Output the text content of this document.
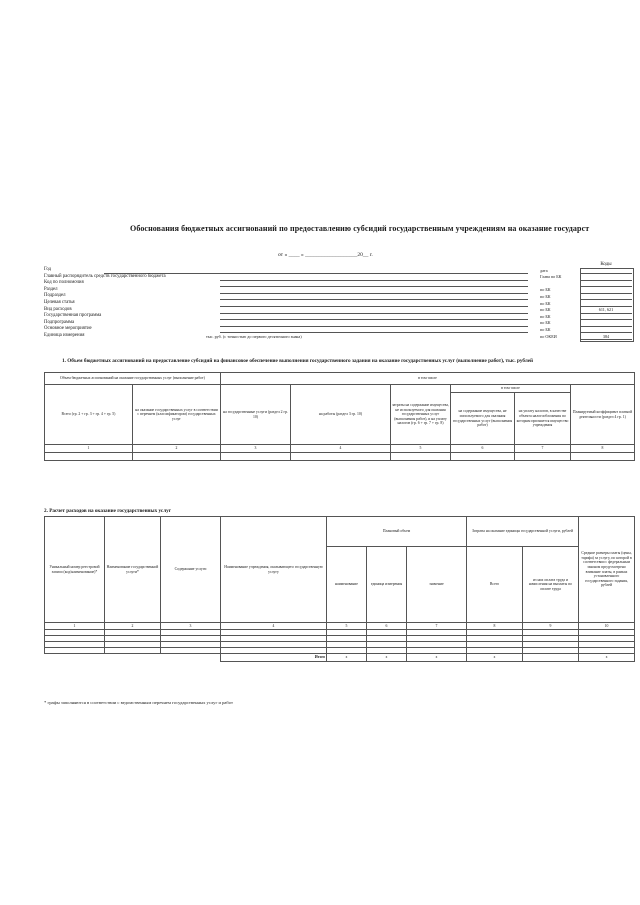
Обоснования бюджетных ассигнований по предоставлению субсидий государственным учреждениям на оказание государст
от « ____ » ___________________20__ г.
Коды
Год	дата
Главный распорядитель средств государственного бюджета	Глава по БК
Код по полномочия
Раздел	по БК
Подраздел	по БК
Целевая статья	по БК
Вид расходов	по БК	611, 621
Государственная программа	по БК
Подпрограмма	по БК
Основное мероприятие	по БК
Единица измерения	тыс. руб. (с точностью до первого десятичного знака)	по ОКЕИ	384
1. Объем бюджетных ассигнований на предоставление субсидий на финансовое обеспечение выполнения государственного задания на оказание государственных услуг (выполнение работ), тыс. рублей
Объем бюджетных ассигнований на оказание государственных услуг (выполнение работ)		в том числе					
Всего (гр. 2 + гр. 3 + гр. 4 + гр. 5)	на оказание государственных услуг в соответствии с перечнем (классификатором) государственных услуг	на государственные услуги (раздел 2 гр. 10)	на работы (раздел 3 гр. 10)	затраты на содержание имущества, не используемого для оказания государственных услуг (выполнения работ), и на уплату налогов (гр. 6 + гр. 7 + гр. 8)	в том числе		Планируемый коэффициент платной деятельности (раздел 4 гр. 1)
					на содержание имущества, не используемого для оказания государственных услуг (выполнения работ)	на уплату налогов, в качестве объекта налогообложения по которым признается имущество учреждения	
1	2	3	4	5	6	7	8

2. Расчет расходов на оказание государственных услуг
Уникальный номер реестровой записи (код/наименование)*	Наименование государственной услуги*	Содержание услуги	Наименование учреждения, оказывающего государственную услугу	Плановый объем			Затраты на оказание единицы государственной услуги, рублей		Средние размеры платы (цены, тарифа) за услугу, по которой в соответствии с федеральным законом предусмотрено взимание платы, в рамках установленного государственного задания, рублей
				наименование	единица измерения	значение	Всего	из них оплата труда и начисления на выплаты по оплате труда	
1	2	3	4	5	6	7	8	9	10

			Итого	x	x	x	x		x
* графы заполняются в соответствии с ведомственным перечнем государственных услуг и работ
